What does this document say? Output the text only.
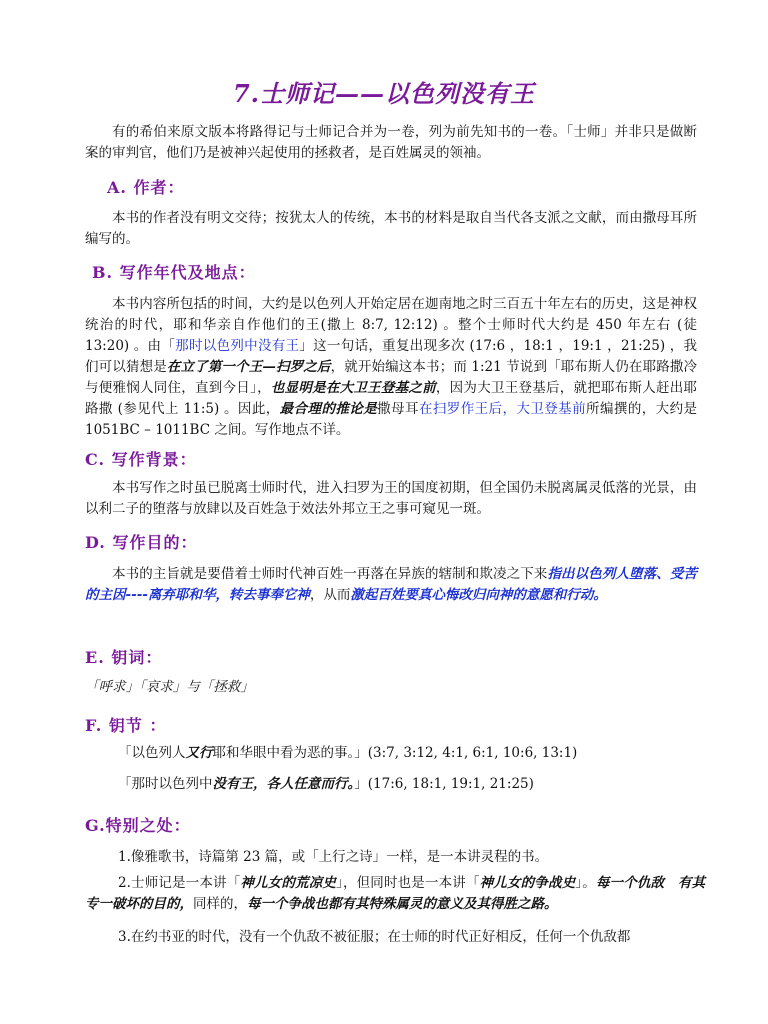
7.士师记——以色列没有王
有的希伯来原文版本将路得记与士师记合并为一卷，列为前先知书的一卷。「士师」并非只是做断案的审判官，他们乃是被神兴起使用的拯救者，是百姓属灵的领袖。
A. 作者：
本书的作者没有明文交待；按犹太人的传统，本书的材料是取自当代各支派之文献，而由撒母耳所编写的。
B. 写作年代及地点：
本书内容所包括的时间，大约是以色列人开始定居在迦南地之时三百五十年左右的历史，这是神权统治的时代，耶和华亲自作他们的王(撒上 8:7, 12:12) 。整个士师时代大约是 450 年左右 (徒 13:20) 。由「那时以色列中没有王」这一句话，重复出现多次 (17:6 ，18:1 ，19:1 ，21:25) ，我们可以猜想是在立了第一个王—扫罗之后，就开始编这本书；而 1:21 节说到「耶布斯人仍在耶路撒冷与便雅悯人同住，直到今日」，也显明是在大卫王登基之前，因为大卫王登基后，就把耶布斯人赶出耶路撒 (参见代上 11:5) 。因此，最合理的推论是撒母耳在扫罗作王后，大卫登基前所编撰的，大约是 1051BC – 1011BC 之间。写作地点不详。
C. 写作背景：
本书写作之时虽已脱离士师时代，进入扫罗为王的国度初期，但全国仍未脱离属灵低落的光景，由以利二子的堕落与放肆以及百姓急于效法外邦立王之事可窥见一斑。
D. 写作目的：
本书的主旨就是要借着士师时代神百姓一再落在异族的辖制和欺凌之下来指出以色列人堕落、受苦的主因----离弃耶和华，转去事奉它神，从而激起百姓要真心悔改归向神的意愿和行动。
E. 钥词：
「呼求」「哀求」与「拯救」
F. 钥节 ：
「以色列人又行耶和华眼中看为恶的事。」(3:7, 3:12, 4:1, 6:1, 10:6, 13:1)
「那时以色列中没有王，各人任意而行。」(17:6, 18:1, 19:1, 21:25)
G.特别之处：
1.像雅歌书，诗篇第 23 篇，或「上行之诗」一样，是一本讲灵程的书。
2.士师记是一本讲「神儿女的荒凉史」，但同时也是一本讲「神儿女的争战史」。每一个仇敌　有其专一破坏的目的，同样的，每一个争战也都有其特殊属灵的意义及其得胜之路。
3.在约书亚的时代，没有一个仇敌不被征服；在士师的时代正好相反，任何一个仇敌都
